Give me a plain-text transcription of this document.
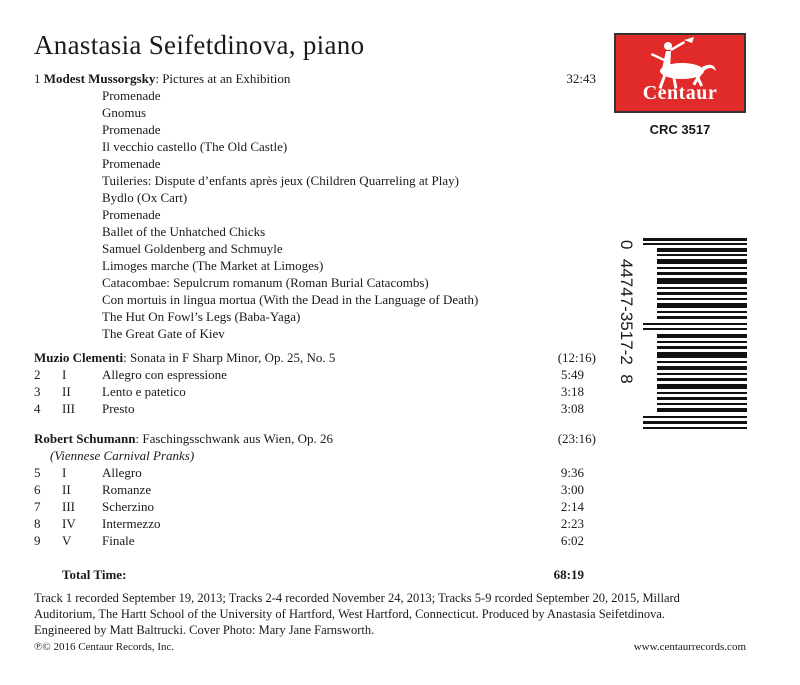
Anastasia Seifetdinova, piano
Centaur
CRC 3517
0  44747-3517-2  8
1 Modest Mussorgsky: Pictures at an Exhibition	32:43
Promenade
Gnomus
Promenade
Il vecchio castello (The Old Castle)
Promenade
Tuileries: Dispute d’enfants après jeux (Children Quarreling at Play)
Bydlo (Ox Cart)
Promenade
Ballet of the Unhatched Chicks
Samuel Goldenberg and Schmuyle
Limoges marche (The Market at Limoges)
Catacombae: Sepulcrum romanum (Roman Burial Catacombs)
Con mortuis in lingua mortua (With the Dead in the Language of Death)
The Hut On Fowl’s Legs (Baba-Yaga)
The Great Gate of Kiev
Muzio Clementi: Sonata in F Sharp Minor, Op. 25, No. 5	(12:16)
2 I	Allegro con espressione	5:49
3 II Lento e patetico	3:18
4 III Presto	3:08
Robert Schumann: Faschingsschwank aus Wien, Op. 26	(23:16)
(Viennese Carnival Pranks)
5 I	Allegro	9:36
6 II Romanze	3:00
7 III Scherzino	2:14
8 IV Intermezzo	2:23
9 V Finale	6:02
Total Time:	68:19
Track 1 recorded September 19, 2013; Tracks 2-4 recorded November 24, 2013; Tracks 5-9 rcorded September 20, 2015, Millard
Auditorium, The Hartt School of the University of Hartford, West Hartford, Connecticut. Produced by Anastasia Seifetdinova.
Engineered by Matt Baltrucki. Cover Photo: Mary Jane Farnsworth.
℗© 2016 Centaur Records, Inc.	www.centaurrecords.com
